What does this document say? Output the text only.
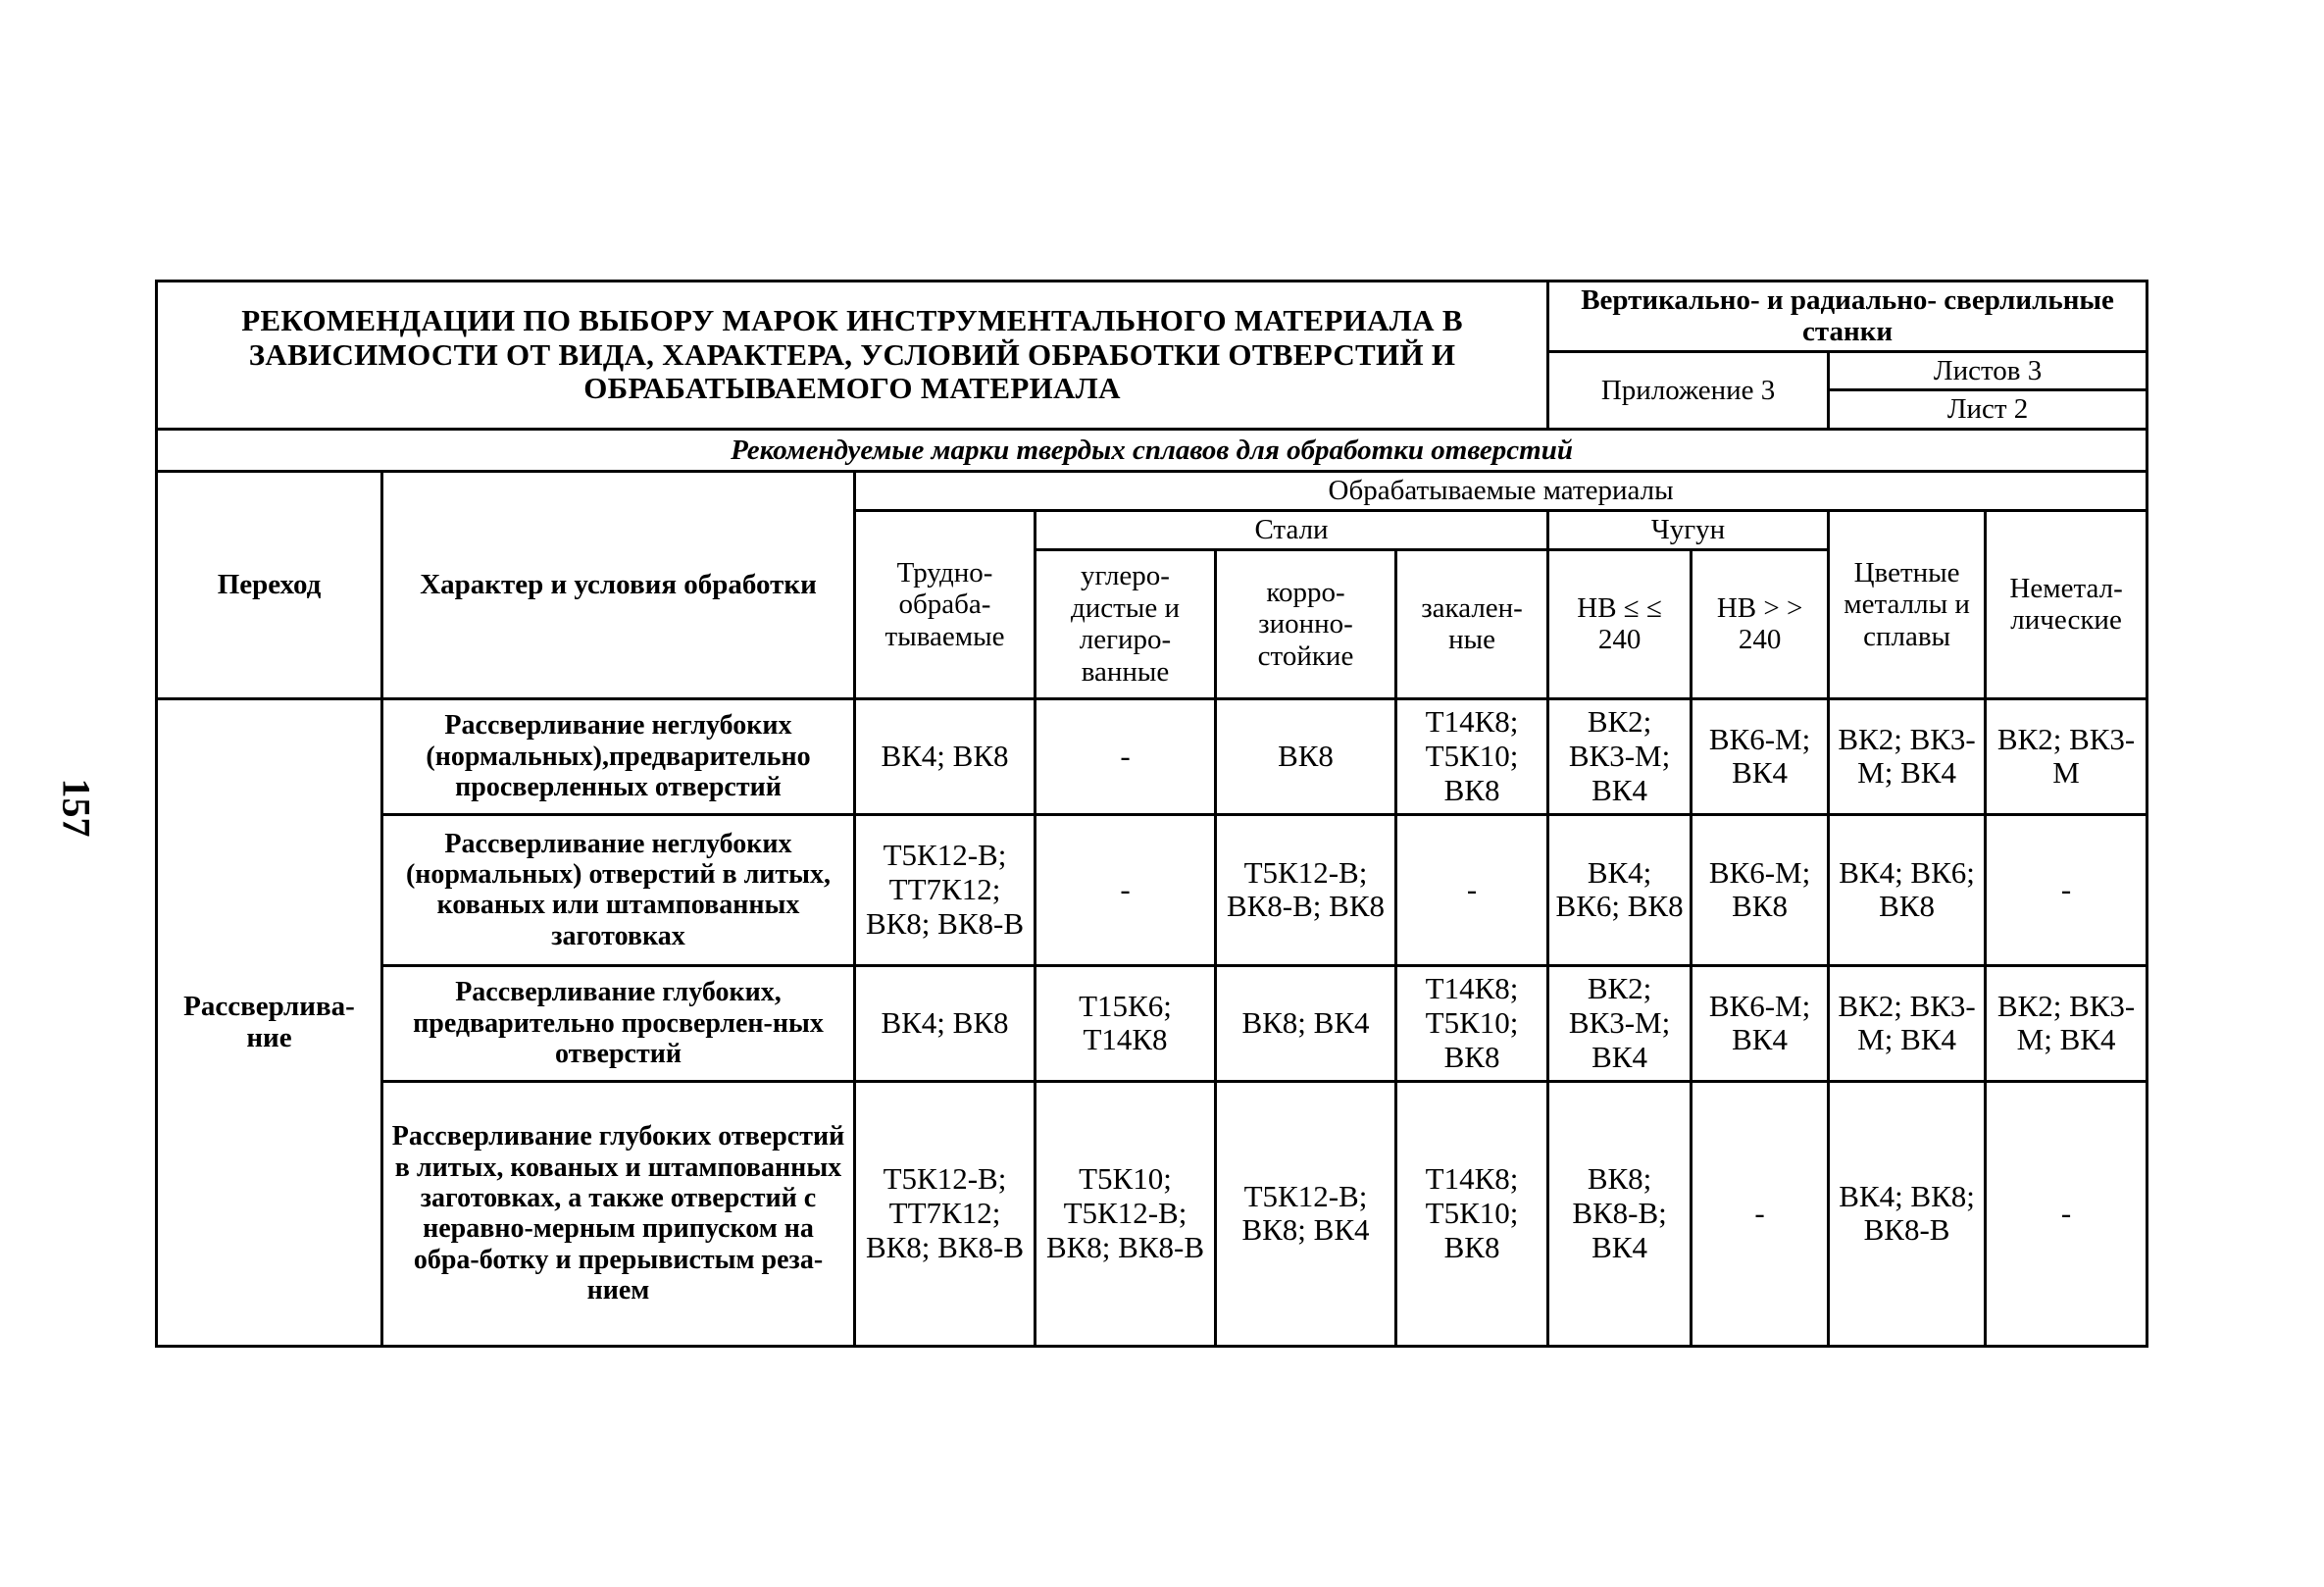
157
РЕКОМЕНДАЦИИ ПО ВЫБОРУ МАРОК ИНСТРУМЕНТАЛЬНОГО МАТЕРИАЛА В ЗАВИСИМОСТИ ОТ ВИДА, ХАРАКТЕРА, УСЛОВИЙ ОБРАБОТКИ ОТВЕРСТИЙ И ОБРАБАТЫВАЕМОГО МАТЕРИАЛА						Вертикально- и радиально- сверлильные станки			
						Приложение 3		Листов 3	
								Лист 2	
Рекомендуемые марки твердых сплавов для обработки отверстий									
Переход	Характер и условия обработки	Обрабатываемые материалы							
		Трудно-обраба-тываемые	Стали			Чугун		Цветные металлы и сплавы	Неметал-лические
			углеро-дистые и легиро-ванные	корро-зионно-стойкие	закален-ные	НВ ≤ ≤ 240	НВ > > 240		
Рассверлива-ние	Рассверливание неглубоких (нормальных),предварительно просверленных отверстий	ВК4; ВК8	-	ВК8	Т14К8; Т5К10; ВК8	ВК2; ВК3-М; ВК4	ВК6-М; ВК4	ВК2; ВК3-М; ВК4	ВК2; ВК3-М
	Рассверливание неглубоких (нормальных) отверстий в литых, кованых или штампованных заготовках	Т5К12-В; ТТ7К12; ВК8; ВК8-В	-	Т5К12-В; ВК8-В; ВК8	-	ВК4; ВК6; ВК8	ВК6-М; ВК8	ВК4; ВК6; ВК8	-
	Рассверливание глубоких, предварительно просверлен-ных отверстий	ВК4; ВК8	Т15К6; Т14К8	ВК8; ВК4	Т14К8; Т5К10; ВК8	ВК2; ВК3-М; ВК4	ВК6-М; ВК4	ВК2; ВК3-М; ВК4	ВК2; ВК3-М; ВК4
	Рассверливание глубоких отверстий в литых, кованых и штампованных заготовках, а также отверстий с неравно-мерным припуском на обра-ботку и прерывистым реза-нием	Т5К12-В; ТТ7К12; ВК8; ВК8-В	Т5К10; Т5К12-В; ВК8; ВК8-В	Т5К12-В; ВК8; ВК4	Т14К8; Т5К10; ВК8	ВК8; ВК8-В; ВК4	-	ВК4; ВК8; ВК8-В	-
